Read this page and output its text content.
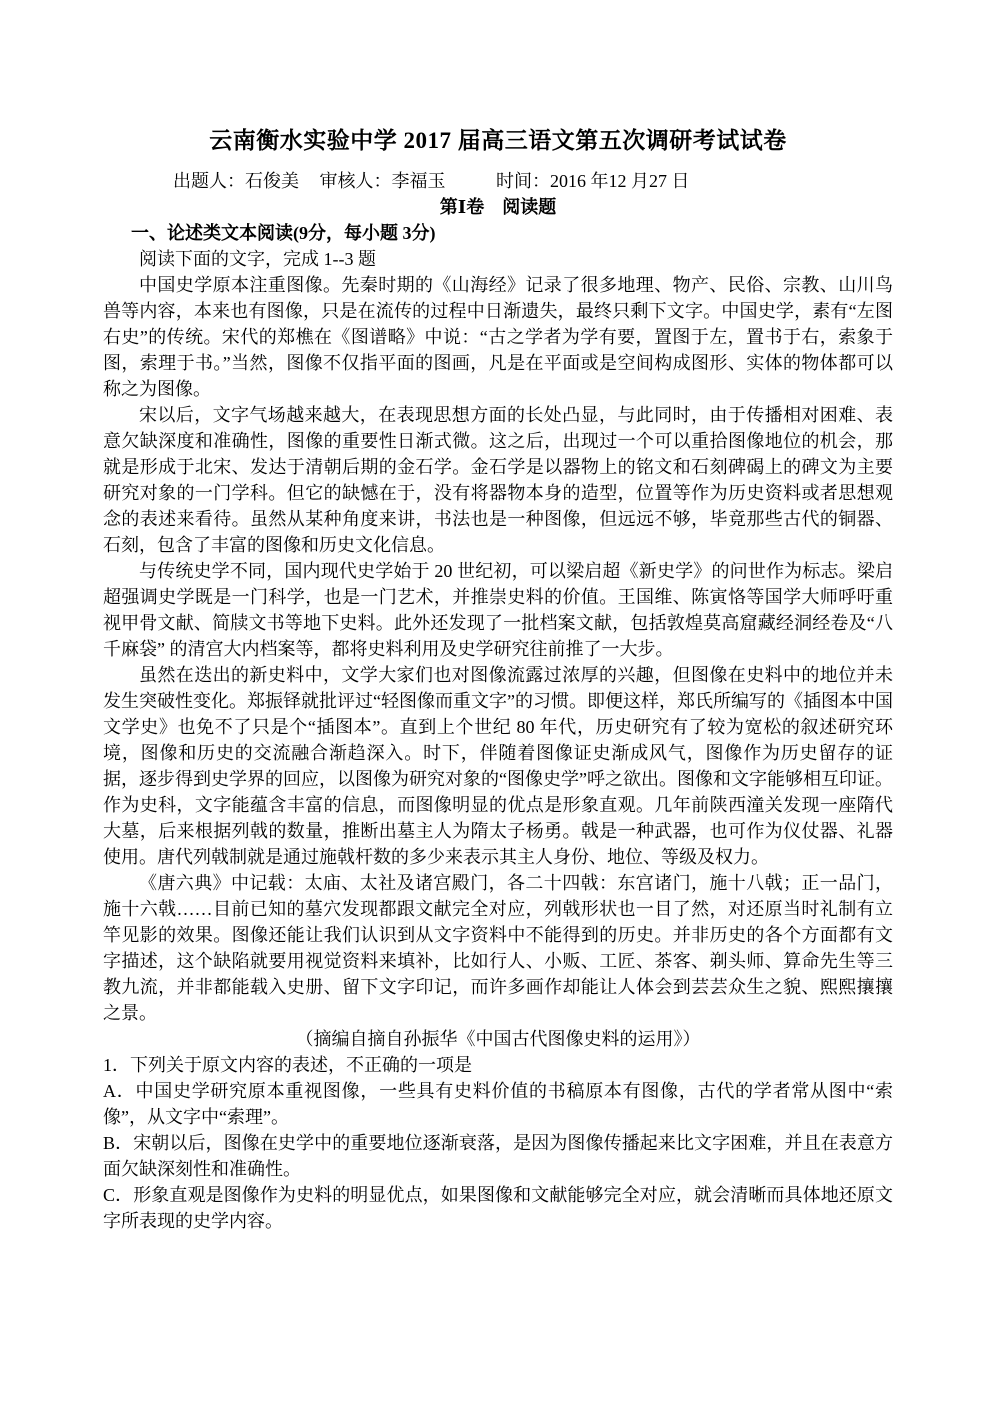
云南衡水实验中学 2017 届高三语文第五次调研考试试卷
出题人：石俊美 审核人：李福玉	时间：2016 年12 月27 日
第Ⅰ卷　阅读题
一、论述类文本阅读(9分，每小题 3分)

阅读下面的文字，完成 1--3 题

中国史学原本注重图像。先秦时期的《山海经》记录了很多地理、物产、民俗、宗教、山川鸟兽等内容，本来也有图像，只是在流传的过程中日渐遗失，最终只剩下文字。中国史学，素有“左图右史”的传统。宋代的郑樵在《图谱略》中说：“古之学者为学有要，置图于左，置书于右，索象于图，索理于书。”当然，图像不仅指平面的图画，凡是在平面或是空间构成图形、实体的物体都可以称之为图像。

宋以后，文字气场越来越大，在表现思想方面的长处凸显，与此同时，由于传播相对困难、表意欠缺深度和准确性，图像的重要性日渐式微。这之后，出现过一个可以重拾图像地位的机会，那就是形成于北宋、发达于清朝后期的金石学。金石学是以器物上的铭文和石刻碑碣上的碑文为主要研究对象的一门学科。但它的缺憾在于，没有将器物本身的造型，位置等作为历史资料或者思想观念的表述来看待。虽然从某种角度来讲，书法也是一种图像，但远远不够，毕竟那些古代的铜器、石刻，包含了丰富的图像和历史文化信息。

与传统史学不同，国内现代史学始于 20 世纪初，可以梁启超《新史学》的问世作为标志。梁启超强调史学既是一门科学，也是一门艺术，并推崇史料的价值。王国维、陈寅恪等国学大师呼吁重视甲骨文献、简牍文书等地下史料。此外还发现了一批档案文献，包括敦煌莫高窟藏经洞经卷及“八千麻袋” 的清宫大内档案等，都将史料利用及史学研究往前推了一大步。

虽然在迭出的新史料中，文学大家们也对图像流露过浓厚的兴趣，但图像在史料中的地位并未发生突破性变化。郑振铎就批评过“轻图像而重文字”的习惯。即便这样，郑氏所编写的《插图本中国文学史》也免不了只是个“插图本”。直到上个世纪 80 年代，历史研究有了较为宽松的叙述研究环境，图像和历史的交流融合渐趋深入。时下，伴随着图像证史渐成风气，图像作为历史留存的证据，逐步得到史学界的回应，以图像为研究对象的“图像史学”呼之欲出。图像和文字能够相互印证。作为史科，文字能蕴含丰富的信息，而图像明显的优点是形象直观。几年前陕西潼关发现一座隋代大墓，后来根据列戟的数量，推断出墓主人为隋太子杨勇。戟是一种武器，也可作为仪仗器、礼器使用。唐代列戟制就是通过施戟杆数的多少来表示其主人身份、地位、等级及权力。

《唐六典》中记载：太庙、太社及诸宫殿门，各二十四戟：东宫诸门，施十八戟；正一品门，施十六戟……目前已知的墓穴发现都跟文献完全对应，列戟形状也一目了然，对还原当时礼制有立竿见影的效果。图像还能让我们认识到从文字资料中不能得到的历史。并非历史的各个方面都有文字描述，这个缺陷就要用视觉资料来填补，比如行人、小贩、工匠、茶客、剃头师、算命先生等三教九流，并非都能载入史册、留下文字印记，而许多画作却能让人体会到芸芸众生之貌、熙熙攘攘之景。

（摘编自摘自孙振华《中国古代图像史料的运用》）

1．下列关于原文内容的表述，不正确的一项是

A．中国史学研究原本重视图像，一些具有史料价值的书稿原本有图像，古代的学者常从图中“索像”，从文字中“索理”。

B．宋朝以后，图像在史学中的重要地位逐渐衰落，是因为图像传播起来比文字困难，并且在表意方面欠缺深刻性和准确性。

C．形象直观是图像作为史料的明显优点，如果图像和文献能够完全对应，就会清晰而具体地还原文字所表现的史学内容。
